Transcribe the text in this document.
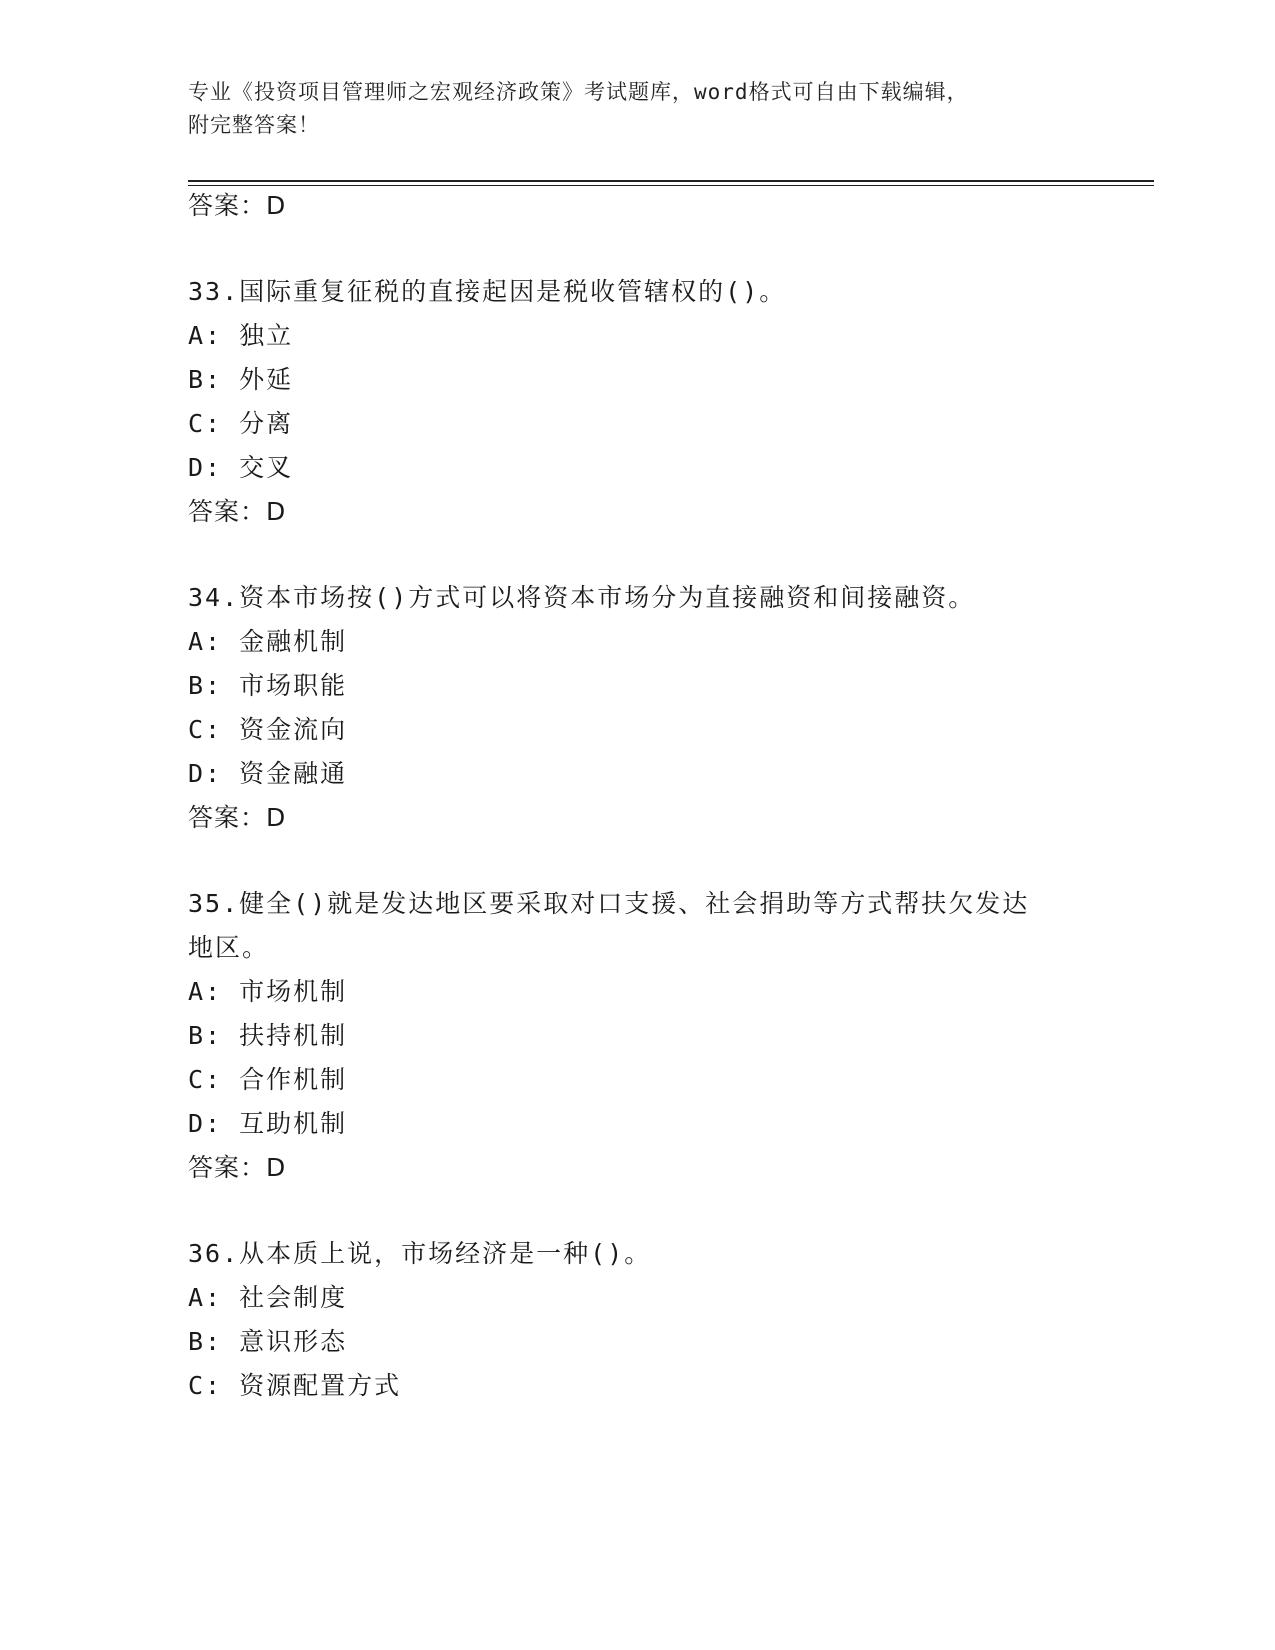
专业《投资项目管理师之宏观经济政策》考试题库，word格式可自由下载编辑，
附完整答案！
答案：D
33.国际重复征税的直接起因是税收管辖权的()。
A: 独立
B: 外延
C: 分离
D: 交叉
答案：D
34.资本市场按()方式可以将资本市场分为直接融资和间接融资。
A: 金融机制
B: 市场职能
C: 资金流向
D: 资金融通
答案：D
35.健全()就是发达地区要采取对口支援、社会捐助等方式帮扶欠发达
地区。
A: 市场机制
B: 扶持机制
C: 合作机制
D: 互助机制
答案：D
36.从本质上说，市场经济是一种()。
A: 社会制度
B: 意识形态
C: 资源配置方式
